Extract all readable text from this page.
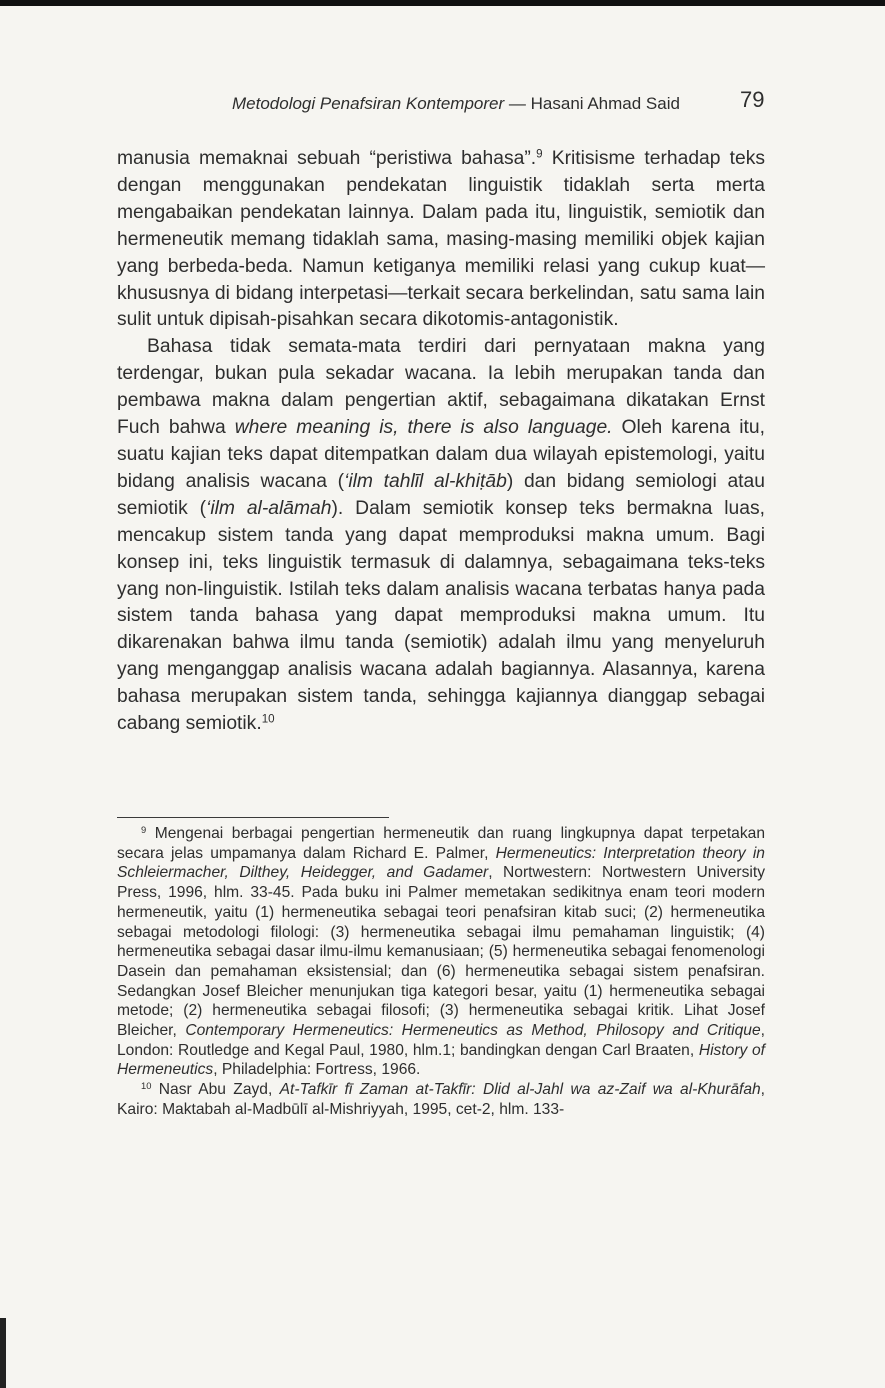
Metodologi Penafsiran Kontemporer — Hasani Ahmad Said	79

manusia memaknai sebuah “peristiwa bahasa”.$^9$ Kritisisme terhadap teks dengan menggunakan pendekatan linguistik tidaklah serta merta mengabaikan pendekatan lainnya. Dalam pada itu, linguistik, semiotik dan hermeneutik memang tidaklah sama, masing-masing memiliki objek kajian yang berbeda-beda. Namun ketiganya memiliki relasi yang cukup kuat—khususnya di bidang interpetasi—terkait secara berkelindan, satu sama lain sulit untuk dipisah-pisahkan secara dikotomis-antagonistik.

Bahasa tidak semata-mata terdiri dari pernyataan makna yang terdengar, bukan pula sekadar wacana. Ia lebih merupakan tanda dan pembawa makna dalam pengertian aktif, sebagaimana dikatakan Ernst Fuch bahwa where meaning is, there is also language. Oleh karena itu, suatu kajian teks dapat ditempatkan dalam dua wilayah epistemologi, yaitu bidang analisis wacana (‘ilm tahlīl al-khiṭāb) dan bidang semiologi atau semiotik (‘ilm al-alāmah). Dalam semiotik konsep teks bermakna luas, mencakup sistem tanda yang dapat memproduksi makna umum. Bagi konsep ini, teks linguistik termasuk di dalamnya, sebagaimana teks-teks yang non-linguistik. Istilah teks dalam analisis wacana terbatas hanya pada sistem tanda bahasa yang dapat memproduksi makna umum. Itu dikarenakan bahwa ilmu tanda (semiotik) adalah ilmu yang menyeluruh yang menganggap analisis wacana adalah bagiannya. Alasannya, karena bahasa merupakan sistem tanda, sehingga kajiannya dianggap sebagai cabang semiotik.$^{10}$

$^9$ Mengenai berbagai pengertian hermeneutik dan ruang lingkupnya dapat terpetakan secara jelas umpamanya dalam Richard E. Palmer, Hermeneutics: Interpretation theory in Schleiermacher, Dilthey, Heidegger, and Gadamer, Nortwestern: Nortwestern University Press, 1996, hlm. 33-45. Pada buku ini Palmer memetakan sedikitnya enam teori modern hermeneutik, yaitu (1) hermeneutika sebagai teori penafsiran kitab suci; (2) hermeneutika sebagai metodologi filologi: (3) hermeneutika sebagai ilmu pemahaman linguistik; (4) hermeneutika sebagai dasar ilmu-ilmu kemanusiaan; (5) hermeneutika sebagai fenomenologi Dasein dan pemahaman eksistensial; dan (6) hermeneutika sebagai sistem penafsiran. Sedangkan Josef Bleicher menunjukan tiga kategori besar, yaitu (1) hermeneutika sebagai metode; (2) hermeneutika sebagai filosofi; (3) hermeneutika sebagai kritik. Lihat Josef Bleicher, Contemporary Hermeneutics: Hermeneutics as Method, Philosopy and Critique, London: Routledge and Kegal Paul, 1980, hlm.1; bandingkan dengan Carl Braaten, History of Hermeneutics, Philadelphia: Fortress, 1966.

$^{10}$ Nasr Abu Zayd, At-Tafkīr fī Zaman at-Takfīr: Dlid al-Jahl wa az-Zaif wa al-Khurāfah, Kairo: Maktabah al-Madbūlī al-Mishriyyah, 1995, cet-2, hlm. 133-
